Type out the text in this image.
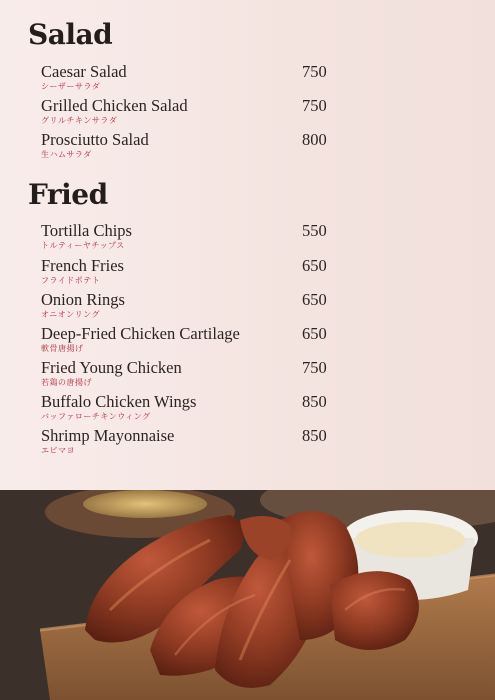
Salad
Caesar Salad
シーザーサラダ
750
Grilled Chicken Salad
グリルチキンサラダ
750
Prosciutto Salad
生ハムサラダ
800
Fried
Tortilla Chips
トルティーヤチップス
550
French Fries
フライドポテト
650
Onion Rings
オニオンリング
650
Deep-Fried Chicken Cartilage
軟骨唐揚げ
650
Fried Young Chicken
若鶏の唐揚げ
750
Buffalo Chicken Wings
バッファローチキンウィング
850
Shrimp Mayonnaise
エビマヨ
850
